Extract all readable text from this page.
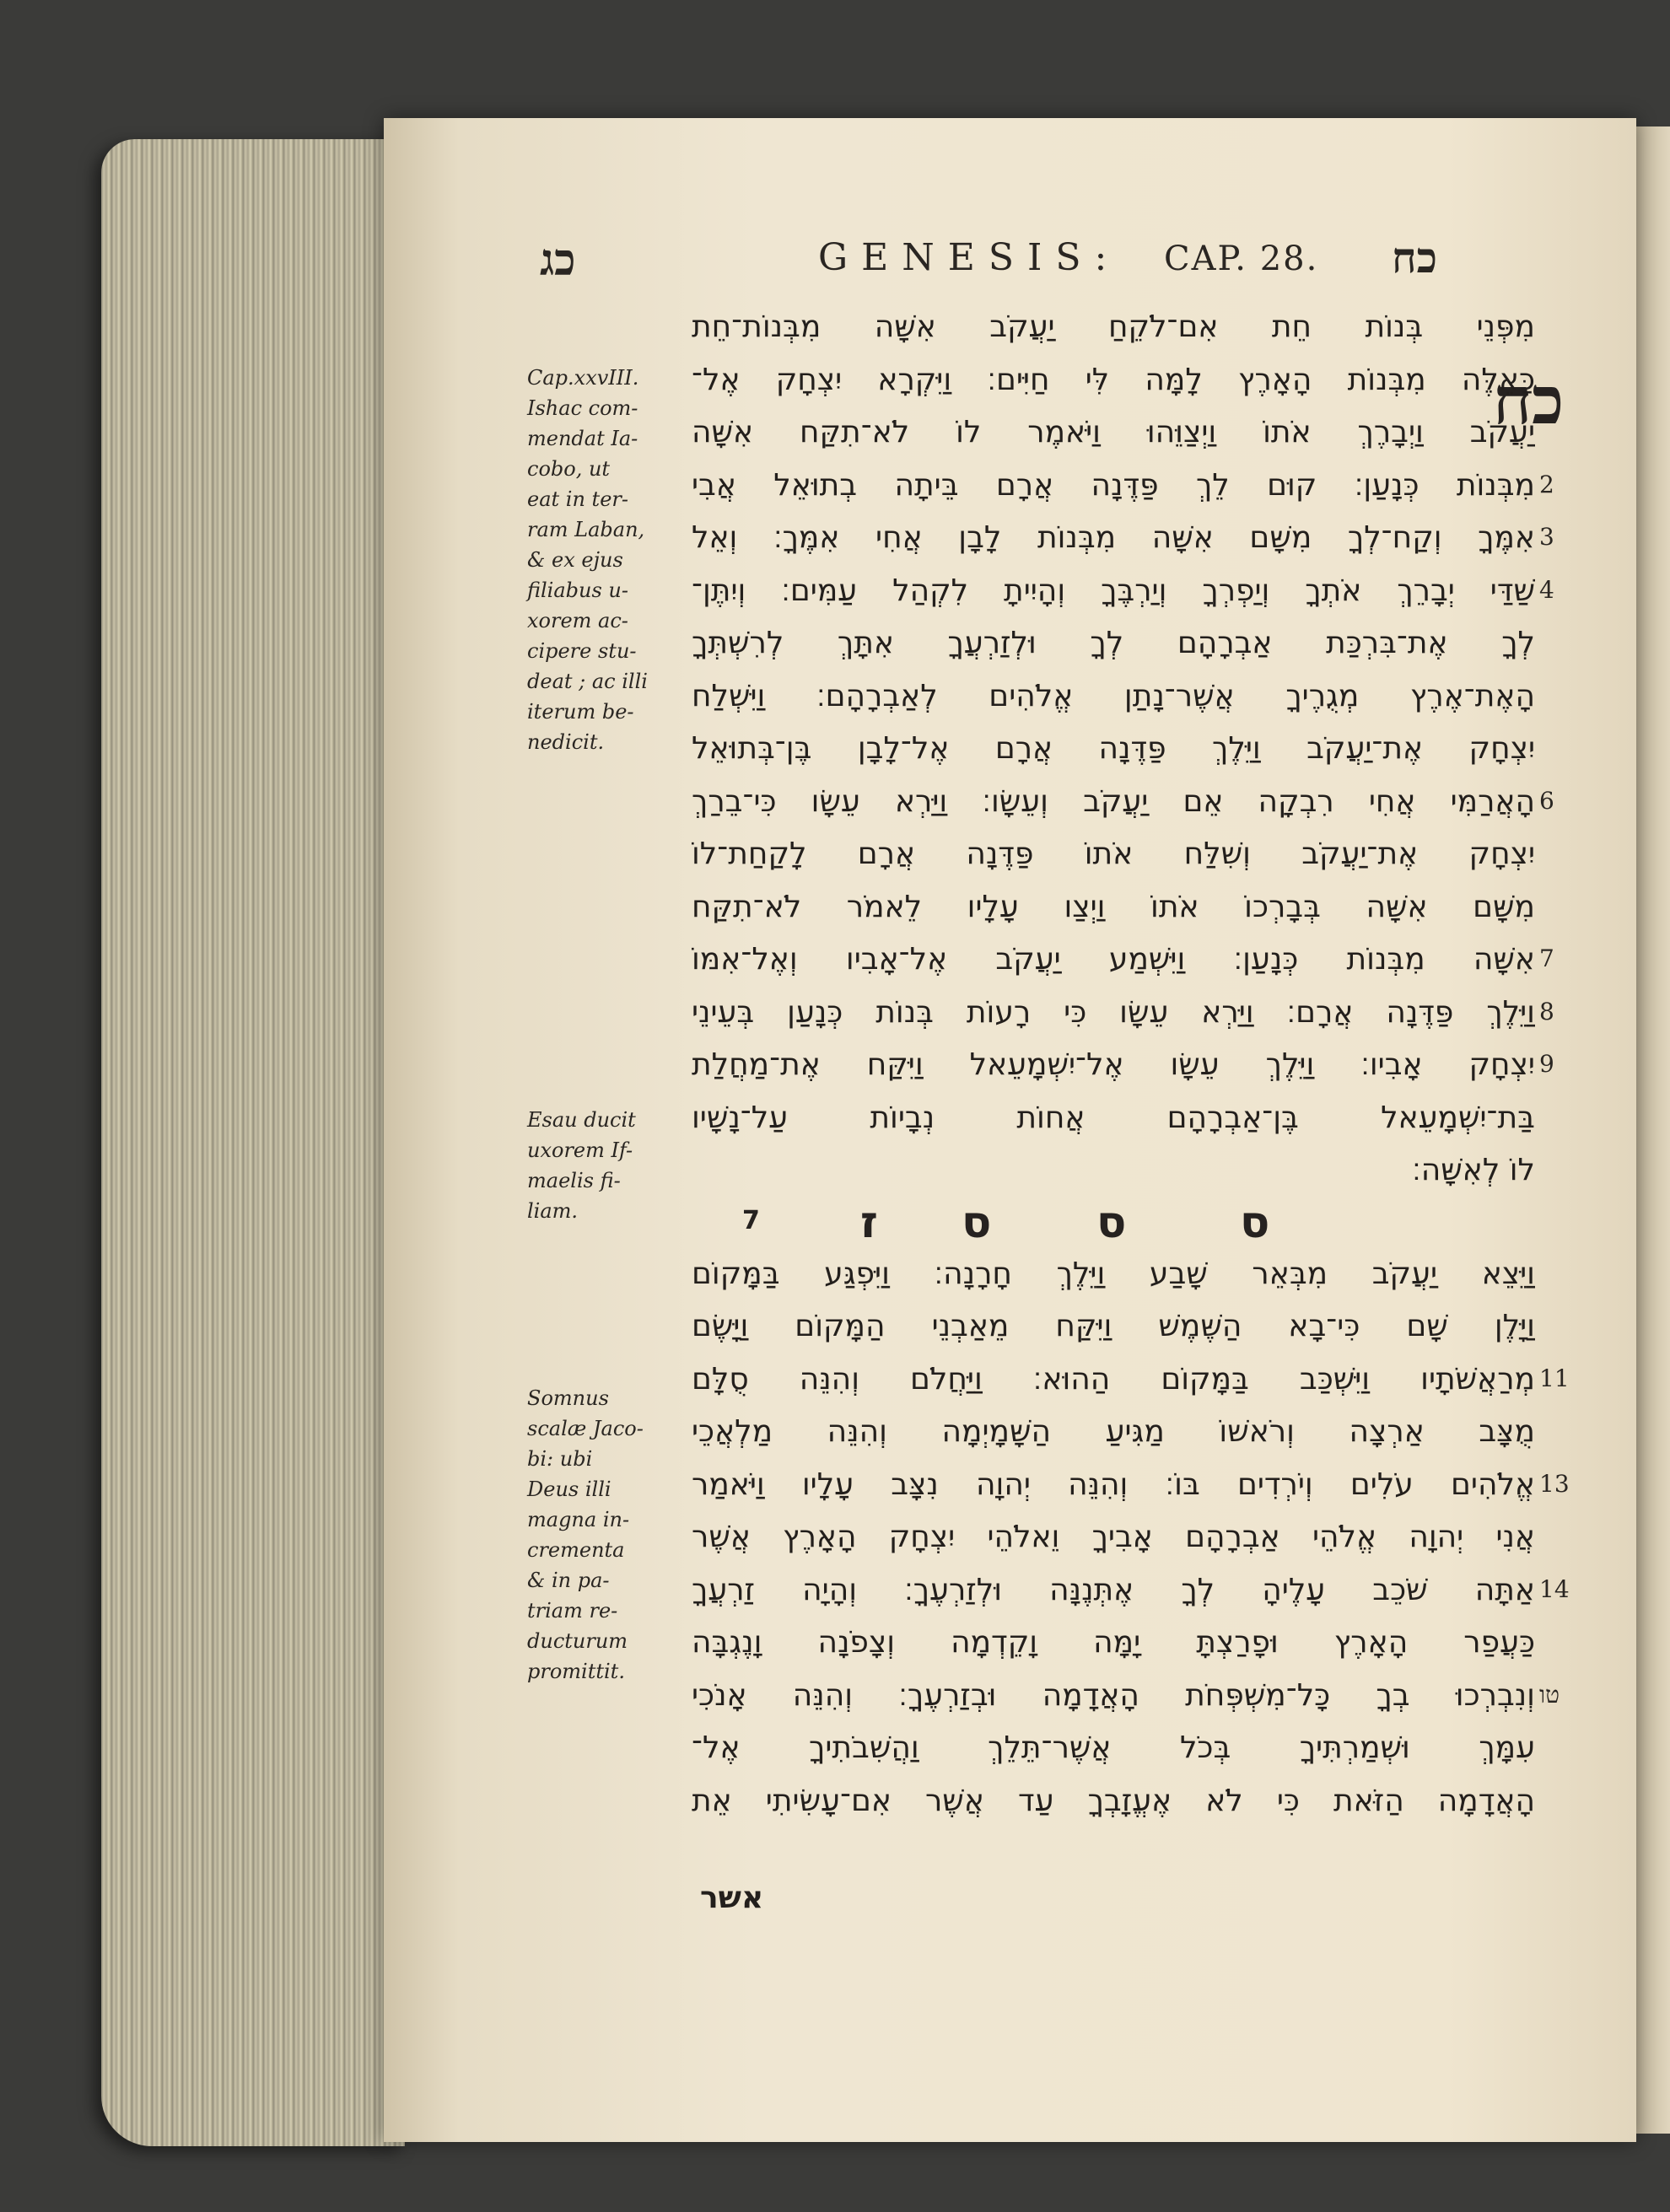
כג	GENESIS: CAP. 28. כח
כח
Cap.xxvIII.
Ishac com-
mendat Ia-
cobo, ut
eat in ter-
ram Laban,
& ex ejus
filiabus u-
xorem ac-
cipere stu-
deat ; ac illi
iterum be-
nedicit.
Esau ducit
uxorem If-
maelis fi-
liam.
Somnus
scalæ Jaco-
bi: ubi
Deus illi
magna in-
crementa
& in pa-
triam re-
ducturum
promittit.
מִפְּנֵי בְּנוֹת חֵת אִם־לֹקֵחַ יַעֲקֹב אִשָּׁה מִבְּנוֹת־חֵת
כָּאֵלֶּה מִבְּנוֹת הָאָרֶץ לָמָּה לִּי חַיִּים׃ וַיִּקְרָא יִצְחָק אֶל־
יַעֲקֹב וַיְבָרֶךְ אֹתוֹ וַיְצַוֵּהוּ וַיֹּאמֶר לוֹ לֹא־תִקַּח אִשָּׁה
מִבְּנוֹת כְּנָעַן׃ קוּם לֵךְ פַּדֶּנָה אֲרָם בֵּיתָה בְתוּאֵל אֲבִי
אִמֶּךָ וְקַח־לְךָ מִשָּׁם אִשָּׁה מִבְּנוֹת לָבָן אֲחִי אִמֶּךָ׃ וְאֵל
שַׁדַּי יְבָרֵךְ אֹתְךָ וְיַפְרְךָ וְיַרְבֶּךָ וְהָיִיתָ לִקְהַל עַמִּים׃ וְיִתֶּן־
לְךָ אֶת־בִּרְכַּת אַבְרָהָם לְךָ וּלְזַרְעֲךָ אִתָּךְ לְרִשְׁתְּךָ
הָאֶת־אֶרֶץ מְגֻרֶיךָ אֲשֶׁר־נָתַן אֱלֹהִים לְאַבְרָהָם׃ וַיִּשְׁלַח
יִצְחָק אֶת־יַעֲקֹב וַיֵּלֶךְ פַּדֶּנָה אֲרָם אֶל־לָבָן בֶּן־בְּתוּאֵל
הָאֲרַמִּי אֲחִי רִבְקָה אֵם יַעֲקֹב וְעֵשָׂו׃ וַיַּרְא עֵשָׂו כִּי־בֵרַךְ
יִצְחָק אֶת־יַעֲקֹב וְשִׁלַּח אֹתוֹ פַּדֶּנָה אֲרָם לָקַחַת־לוֹ
מִשָּׁם אִשָּׁה בְּבָרְכוֹ אֹתוֹ וַיְצַו עָלָיו לֵאמֹר לֹא־תִקַּח
אִשָּׁה מִבְּנוֹת כְּנָעַן׃ וַיִּשְׁמַע יַעֲקֹב אֶל־אָבִיו וְאֶל־אִמּוֹ
וַיֵּלֶךְ פַּדֶּנָה אֲרָם׃ וַיַּרְא עֵשָׂו כִּי רָעוֹת בְּנוֹת כְּנָעַן בְּעֵינֵי
יִצְחָק אָבִיו׃ וַיֵּלֶךְ עֵשָׂו אֶל־יִשְׁמָעֵאל וַיִּקַּח אֶת־מַחֲלַת
בַּת־יִשְׁמָעֵאל בֶּן־אַבְרָהָם אֲחוֹת נְבָיוֹת עַל־נָשָׁיו
לוֹ לְאִשָּׁה׃
וַיֵּצֵא יַעֲקֹב מִבְּאֵר שָׁבַע וַיֵּלֶךְ חָרָנָה׃ וַיִּפְגַּע בַּמָּקוֹם
וַיָּלֶן שָׁם כִּי־בָא הַשֶּׁמֶשׁ וַיִּקַּח מֵאַבְנֵי הַמָּקוֹם וַיָּשֶׂם
מְרַאֲשֹׁתָיו וַיִּשְׁכַּב בַּמָּקוֹם הַהוּא׃ וַיַּחֲלֹם וְהִנֵּה סֻלָּם
מֻצָּב אַרְצָה וְרֹאשׁוֹ מַגִּיעַ הַשָּׁמָיְמָה וְהִנֵּה מַלְאֲכֵי
אֱלֹהִים עֹלִים וְיֹרְדִים בּוֹ׃ וְהִנֵּה יְהוָה נִצָּב עָלָיו וַיֹּאמַר
אֲנִי יְהוָה אֱלֹהֵי אַבְרָהָם אָבִיךָ וֵאלֹהֵי יִצְחָק הָאָרֶץ אֲשֶׁר
אַתָּה שֹׁכֵב עָלֶיהָ לְךָ אֶתְּנֶנָּה וּלְזַרְעֶךָ׃ וְהָיָה זַרְעֲךָ
כַּעֲפַר הָאָרֶץ וּפָרַצְתָּ יָמָּה וָקֵדְמָה וְצָפֹנָה וָנֶגְבָּה
וְנִבְרְכוּ בְךָ כָּל־מִשְׁפְּחֹת הָאֲדָמָה וּבְזַרְעֶךָ׃ וְהִנֵּה אָנֹכִי
עִמָּךְ וּשְׁמַרְתִּיךָ בְּכֹל אֲשֶׁר־תֵּלֵךְ וַהֲשִׁבֹתִיךָ אֶל־
הָאֲדָמָה הַזֹּאת כִּי לֹא אֶעֱזָבְךָ עַד אֲשֶׁר אִם־עָשִׂיתִי אֵת
2
3
4
6
7
8
9
11
13
14
טו
7 ז ס ס	ס
אשר
